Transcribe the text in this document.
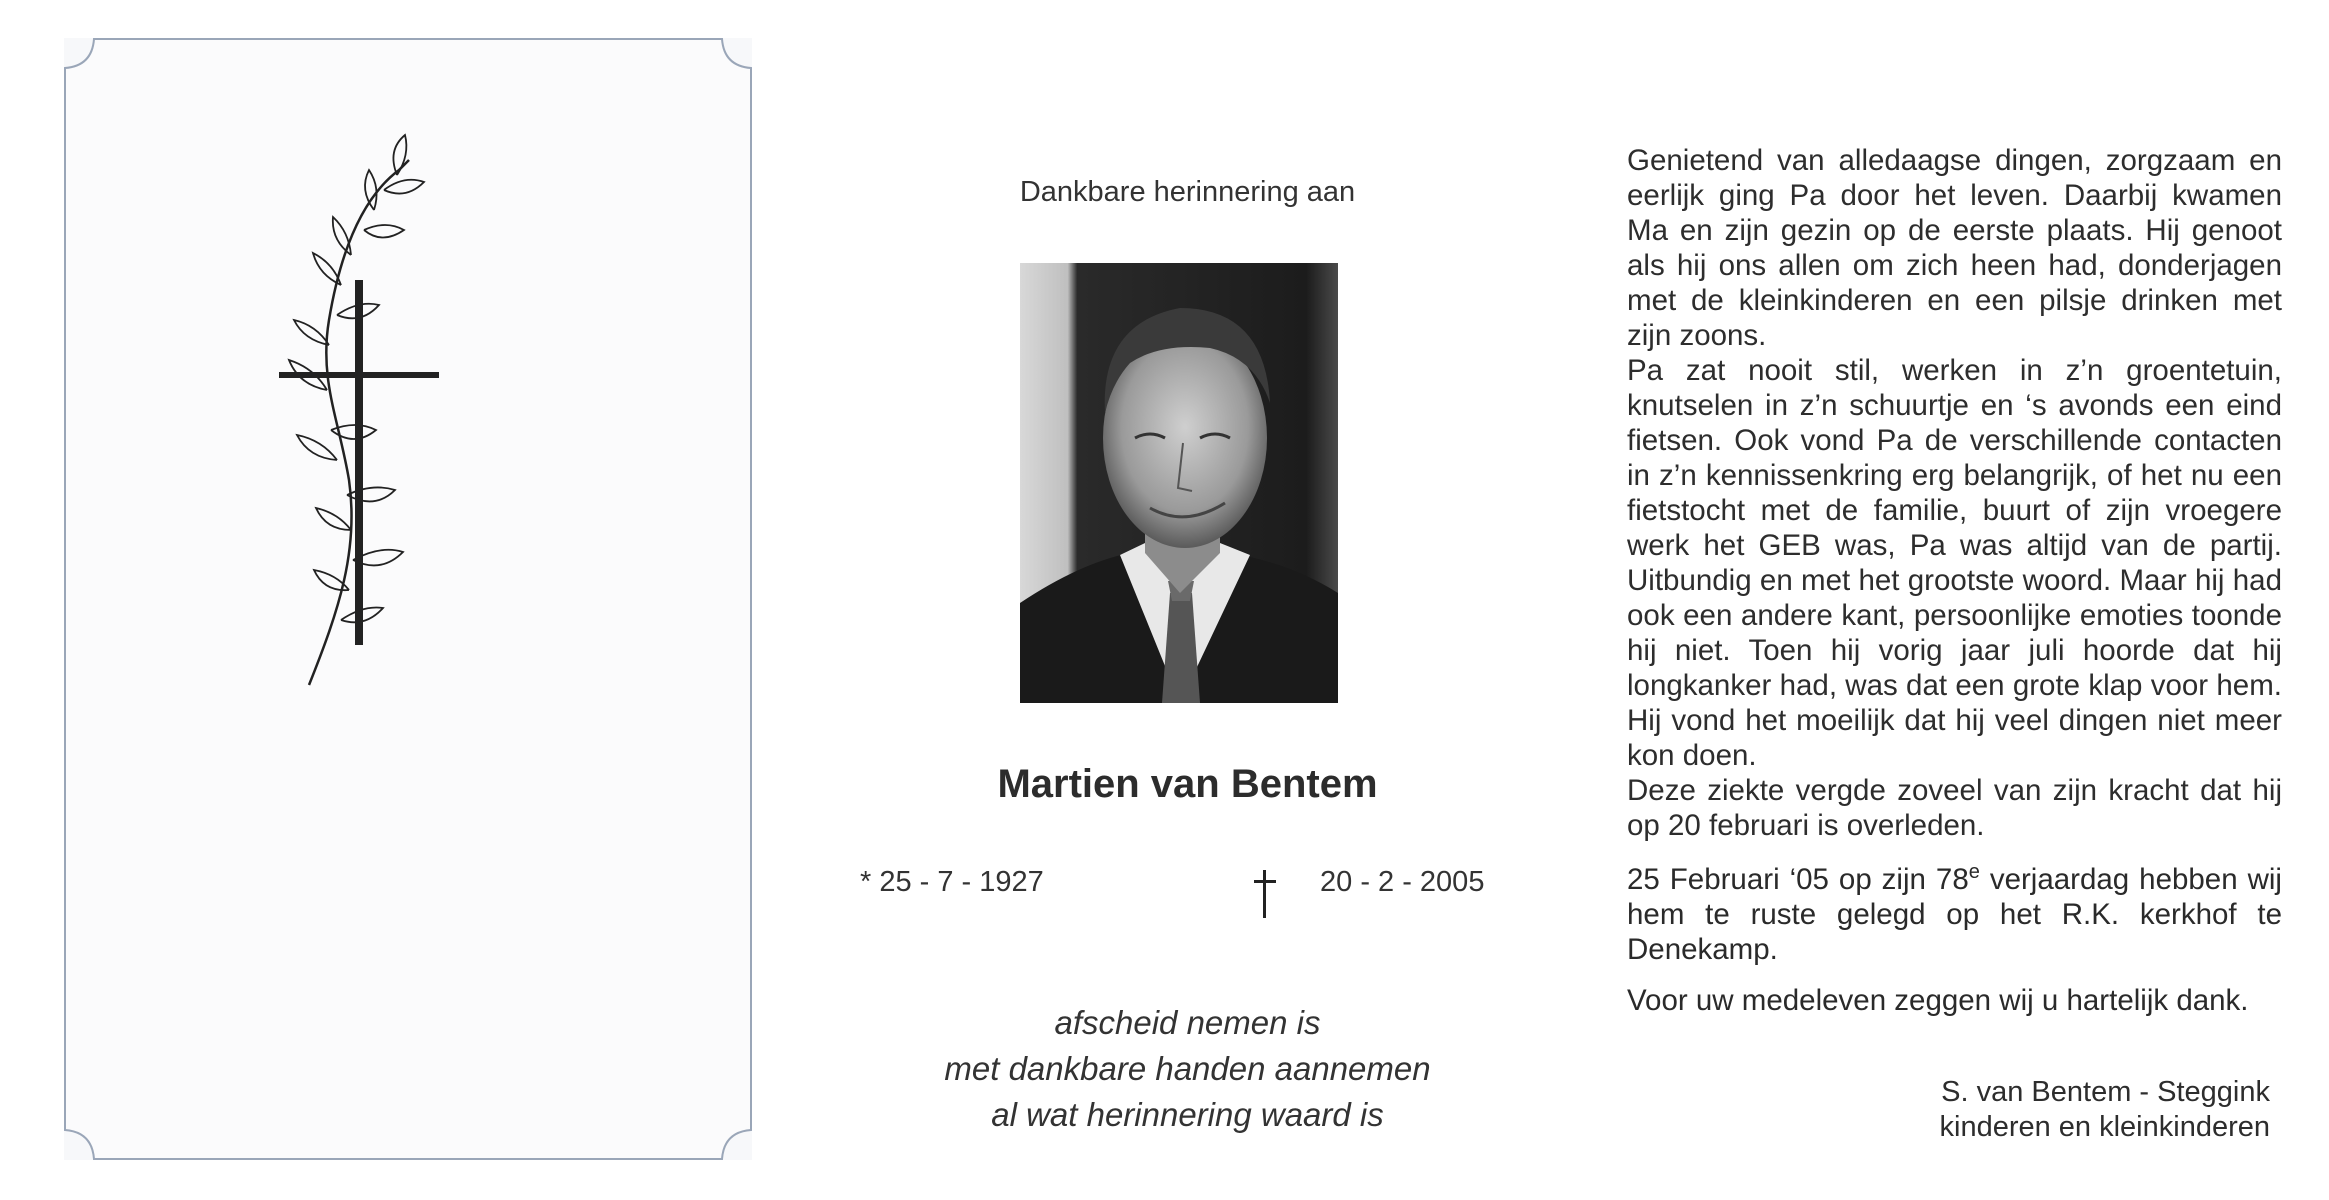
Dankbare herinnering aan
Martien van Bentem
* 25 - 7 - 1927	20 - 2 - 2005
afscheid nemen is
met dankbare handen aannemen
al wat herinnering waard is

Genietend van alledaagse dingen, zorgzaam en eerlijk ging Pa door het leven. Daarbij kwamen Ma en zijn gezin op de eerste plaats. Hij genoot als hij ons allen om zich heen had, donderjagen met de kleinkinderen en een pilsje drinken met zijn zoons.

Pa zat nooit stil, werken in z’n groentetuin, knutselen in z’n schuurtje en ‘s avonds een eind fietsen. Ook vond Pa de verschillende contacten in z’n kennissenkring erg belangrijk, of het nu een fietstocht met de familie, buurt of zijn vroegere werk het GEB was, Pa was altijd van de partij. Uitbundig en met het grootste woord. Maar hij had ook een andere kant, persoonlijke emoties toonde hij niet. Toen hij vorig jaar juli hoorde dat hij longkanker had, was dat een grote klap voor hem. Hij vond het moeilijk dat hij veel dingen niet meer kon doen.

Deze ziekte vergde zoveel van zijn kracht dat hij op 20 februari is overleden.

25 Februari ‘05 op zijn 78e verjaardag hebben wij hem te ruste gelegd op het R.K. kerkhof te Denekamp.
Voor uw medeleven zeggen wij u hartelijk dank.
S. van Bentem - Steggink
kinderen en kleinkinderen
